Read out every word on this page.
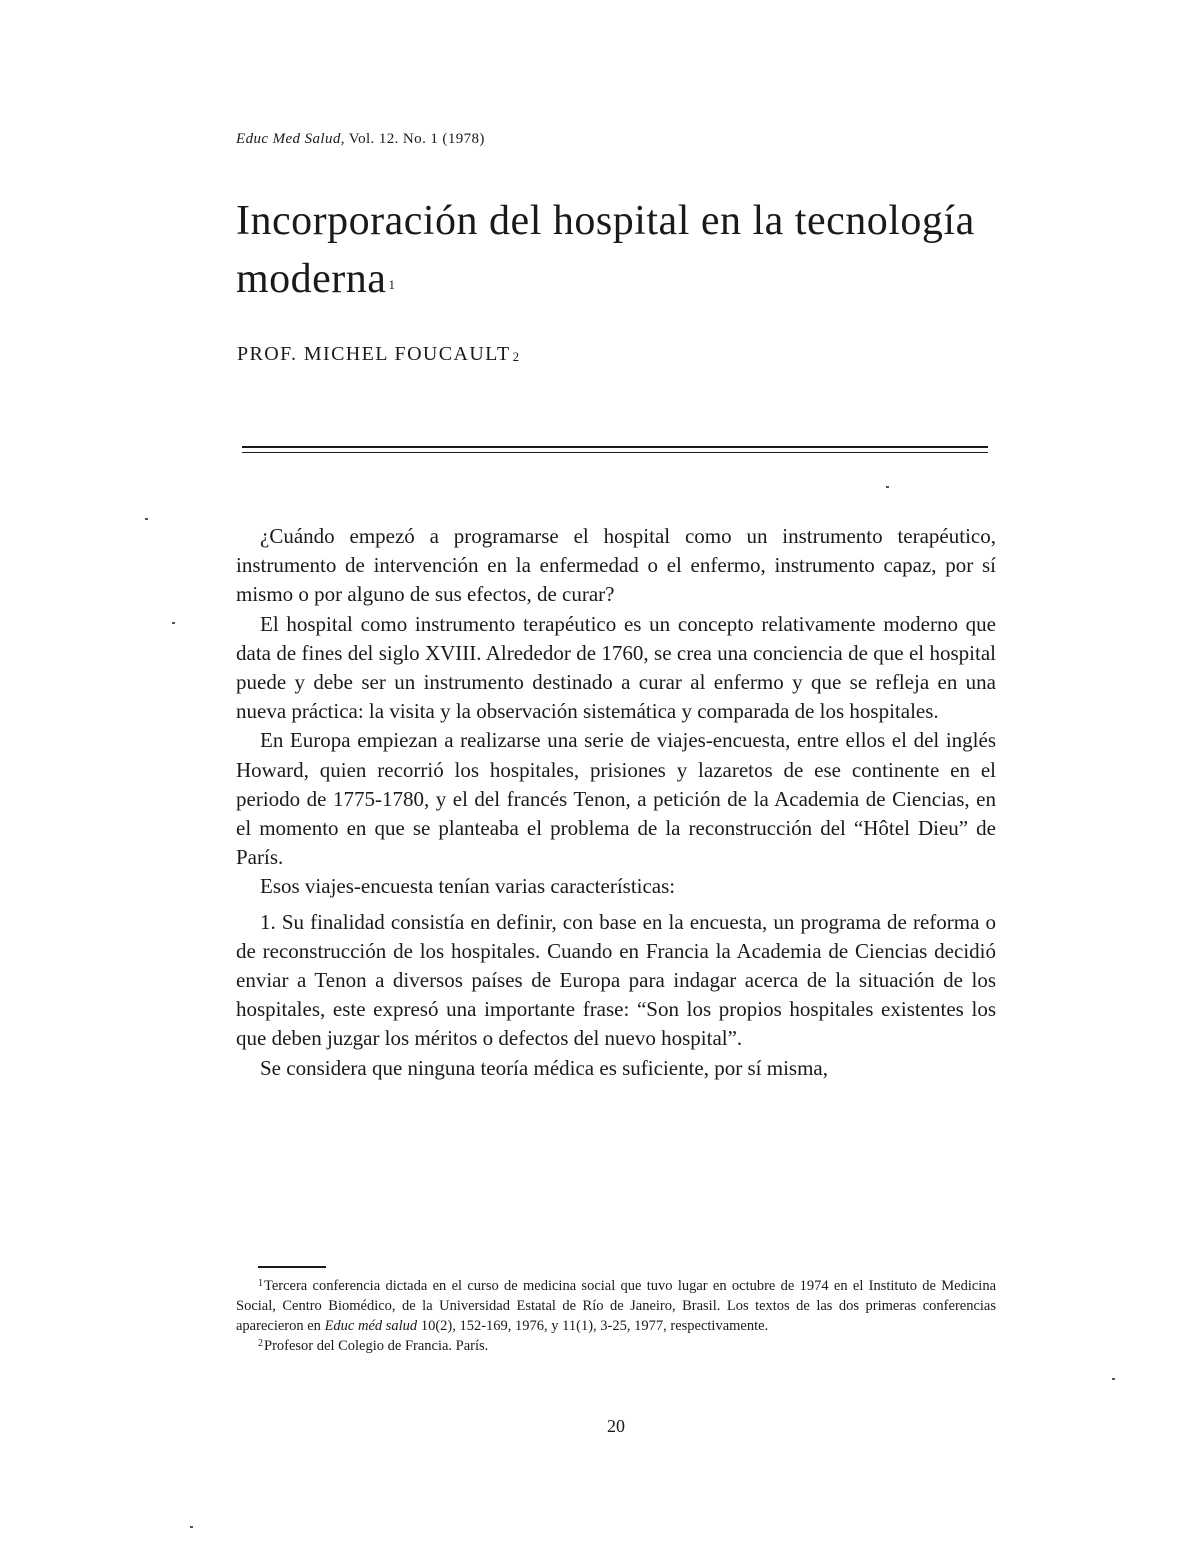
Educ Med Salud, Vol. 12. No. 1 (1978)
Incorporación del hospital en la tecnología moderna $^1$
PROF. MICHEL FOUCAULT $^2$

¿Cuándo empezó a programarse el hospital como un instrumento terapéutico, instrumento de intervención en la enfermedad o el enfermo, instrumento capaz, por sí mismo o por alguno de sus efectos, de curar?

El hospital como instrumento terapéutico es un concepto relativamente moderno que data de fines del siglo XVIII. Alrededor de 1760, se crea una conciencia de que el hospital puede y debe ser un instrumento destinado a curar al enfermo y que se refleja en una nueva práctica: la visita y la observación sistemática y comparada de los hospitales.

En Europa empiezan a realizarse una serie de viajes-encuesta, entre ellos el del inglés Howard, quien recorrió los hospitales, prisiones y lazaretos de ese continente en el periodo de 1775-1780, y el del francés Tenon, a petición de la Academia de Ciencias, en el momento en que se planteaba el problema de la reconstrucción del “Hôtel Dieu” de París.

Esos viajes-encuesta tenían varias características:

1. Su finalidad consistía en definir, con base en la encuesta, un programa de reforma o de reconstrucción de los hospitales. Cuando en Francia la Academia de Ciencias decidió enviar a Tenon a diversos países de Europa para indagar acerca de la situación de los hospitales, este expresó una importante frase: “Son los propios hospitales existentes los que deben juzgar los méritos o defectos del nuevo hospital”.

Se considera que ninguna teoría médica es suficiente, por sí misma,

$^1$Tercera conferencia dictada en el curso de medicina social que tuvo lugar en octubre de 1974 en el Instituto de Medicina Social, Centro Biomédico, de la Universidad Estatal de Río de Janeiro, Brasil. Los textos de las dos primeras conferencias aparecieron en Educ méd salud 10(2), 152-169, 1976, y 11(1), 3-25, 1977, respectivamente.

$^2$Profesor del Colegio de Francia. París.

20
